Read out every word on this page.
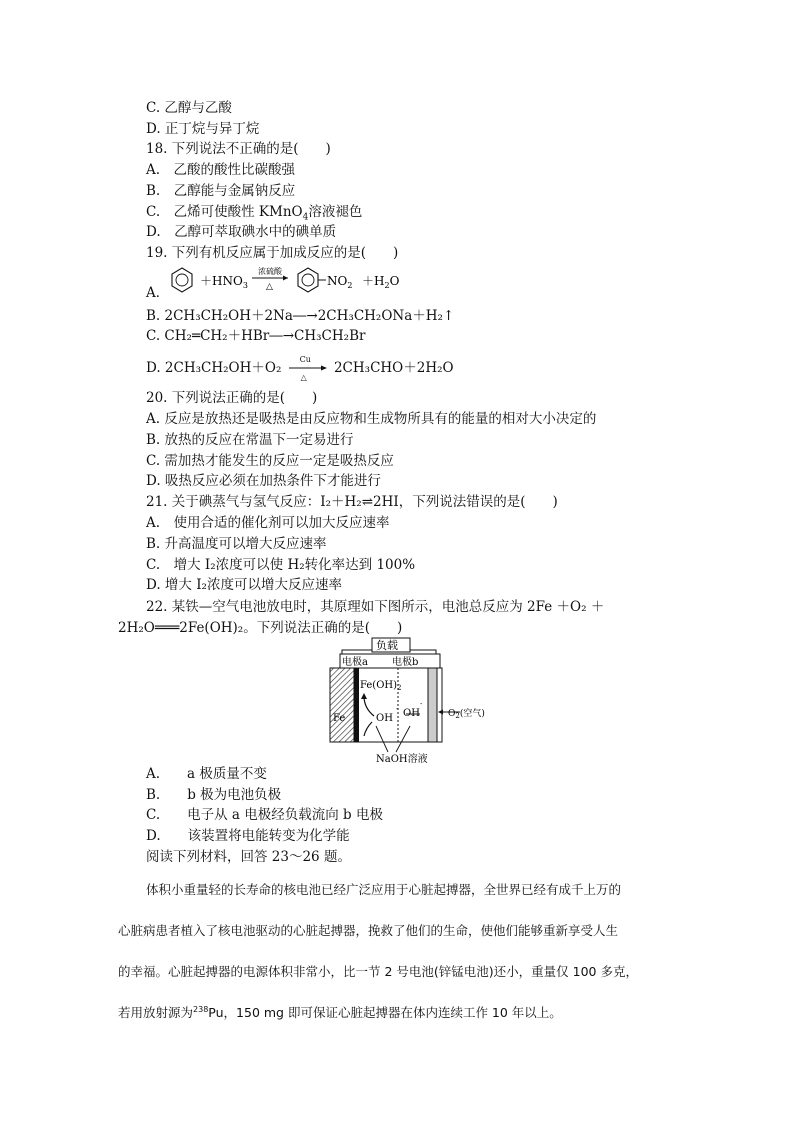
C. 乙醇与乙酸
D. 正丁烷与异丁烷
18. 下列说法不正确的是(　　)
A.　乙酸的酸性比碳酸强
B.　乙醇能与金属钠反应
C.　乙烯可使酸性 KMnO$_4$溶液褪色
D.　乙醇可萃取碘水中的碘单质
19. 下列有机反应属于加成反应的是(　　)
A．
$+HNO_3$
浓硫酸
△	$NO_2 +H_2O$
B. 2CH₃CH₂OH＋2Na―→2CH₃CH₂ONa＋H₂↑
C. CH₂═CH₂＋HBr―→CH₃CH₂Br
D. 2CH₃CH₂OH＋O₂
Cu
△
2CH₃CHO＋2H₂O
20. 下列说法正确的是(　　)
A. 反应是放热还是吸热是由反应物和生成物所具有的能量的相对大小决定的
B. 放热的反应在常温下一定易进行
C. 需加热才能发生的反应一定是吸热反应
D. 吸热反应必须在加热条件下才能进行
21. 关于碘蒸气与氢气反应：I₂＋H₂⇌2HI，下列说法错误的是(　　)
A.　使用合适的催化剂可以加大反应速率
B. 升高温度可以增大反应速率
C.　增大 I₂浓度可以使 H₂转化率达到 100%
D. 增大 I₂浓度可以增大反应速率
22. 某铁—空气电池放电时，其原理如下图所示，电池总反应为 2Fe ＋O₂ ＋
2H₂O═══2Fe(OH)₂。下列说法正确的是(　　)
负载
电极a 电极b
$Fe(OH)_2$
Fe	OH OH
-
-
$O_2$(空气)
NaOH溶液
A.　　a 极质量不变
B.　　b 极为电池负极
C.　　电子从 a 电极经负载流向 b 电极
D.　　该装置将电能转变为化学能
阅读下列材料，回答 23～26 题。
体积小重量轻的长寿命的核电池已经广泛应用于心脏起搏器，全世界已经有成千上万的
心脏病患者植入了核电池驱动的心脏起搏器，挽救了他们的生命，使他们能够重新享受人生
的幸福。心脏起搏器的电源体积非常小，比一节 2 号电池(锌锰电池)还小，重量仅 100 多克，
若用放射源为$^{238}$Pu，150 mg 即可保证心脏起搏器在体内连续工作 10 年以上。
